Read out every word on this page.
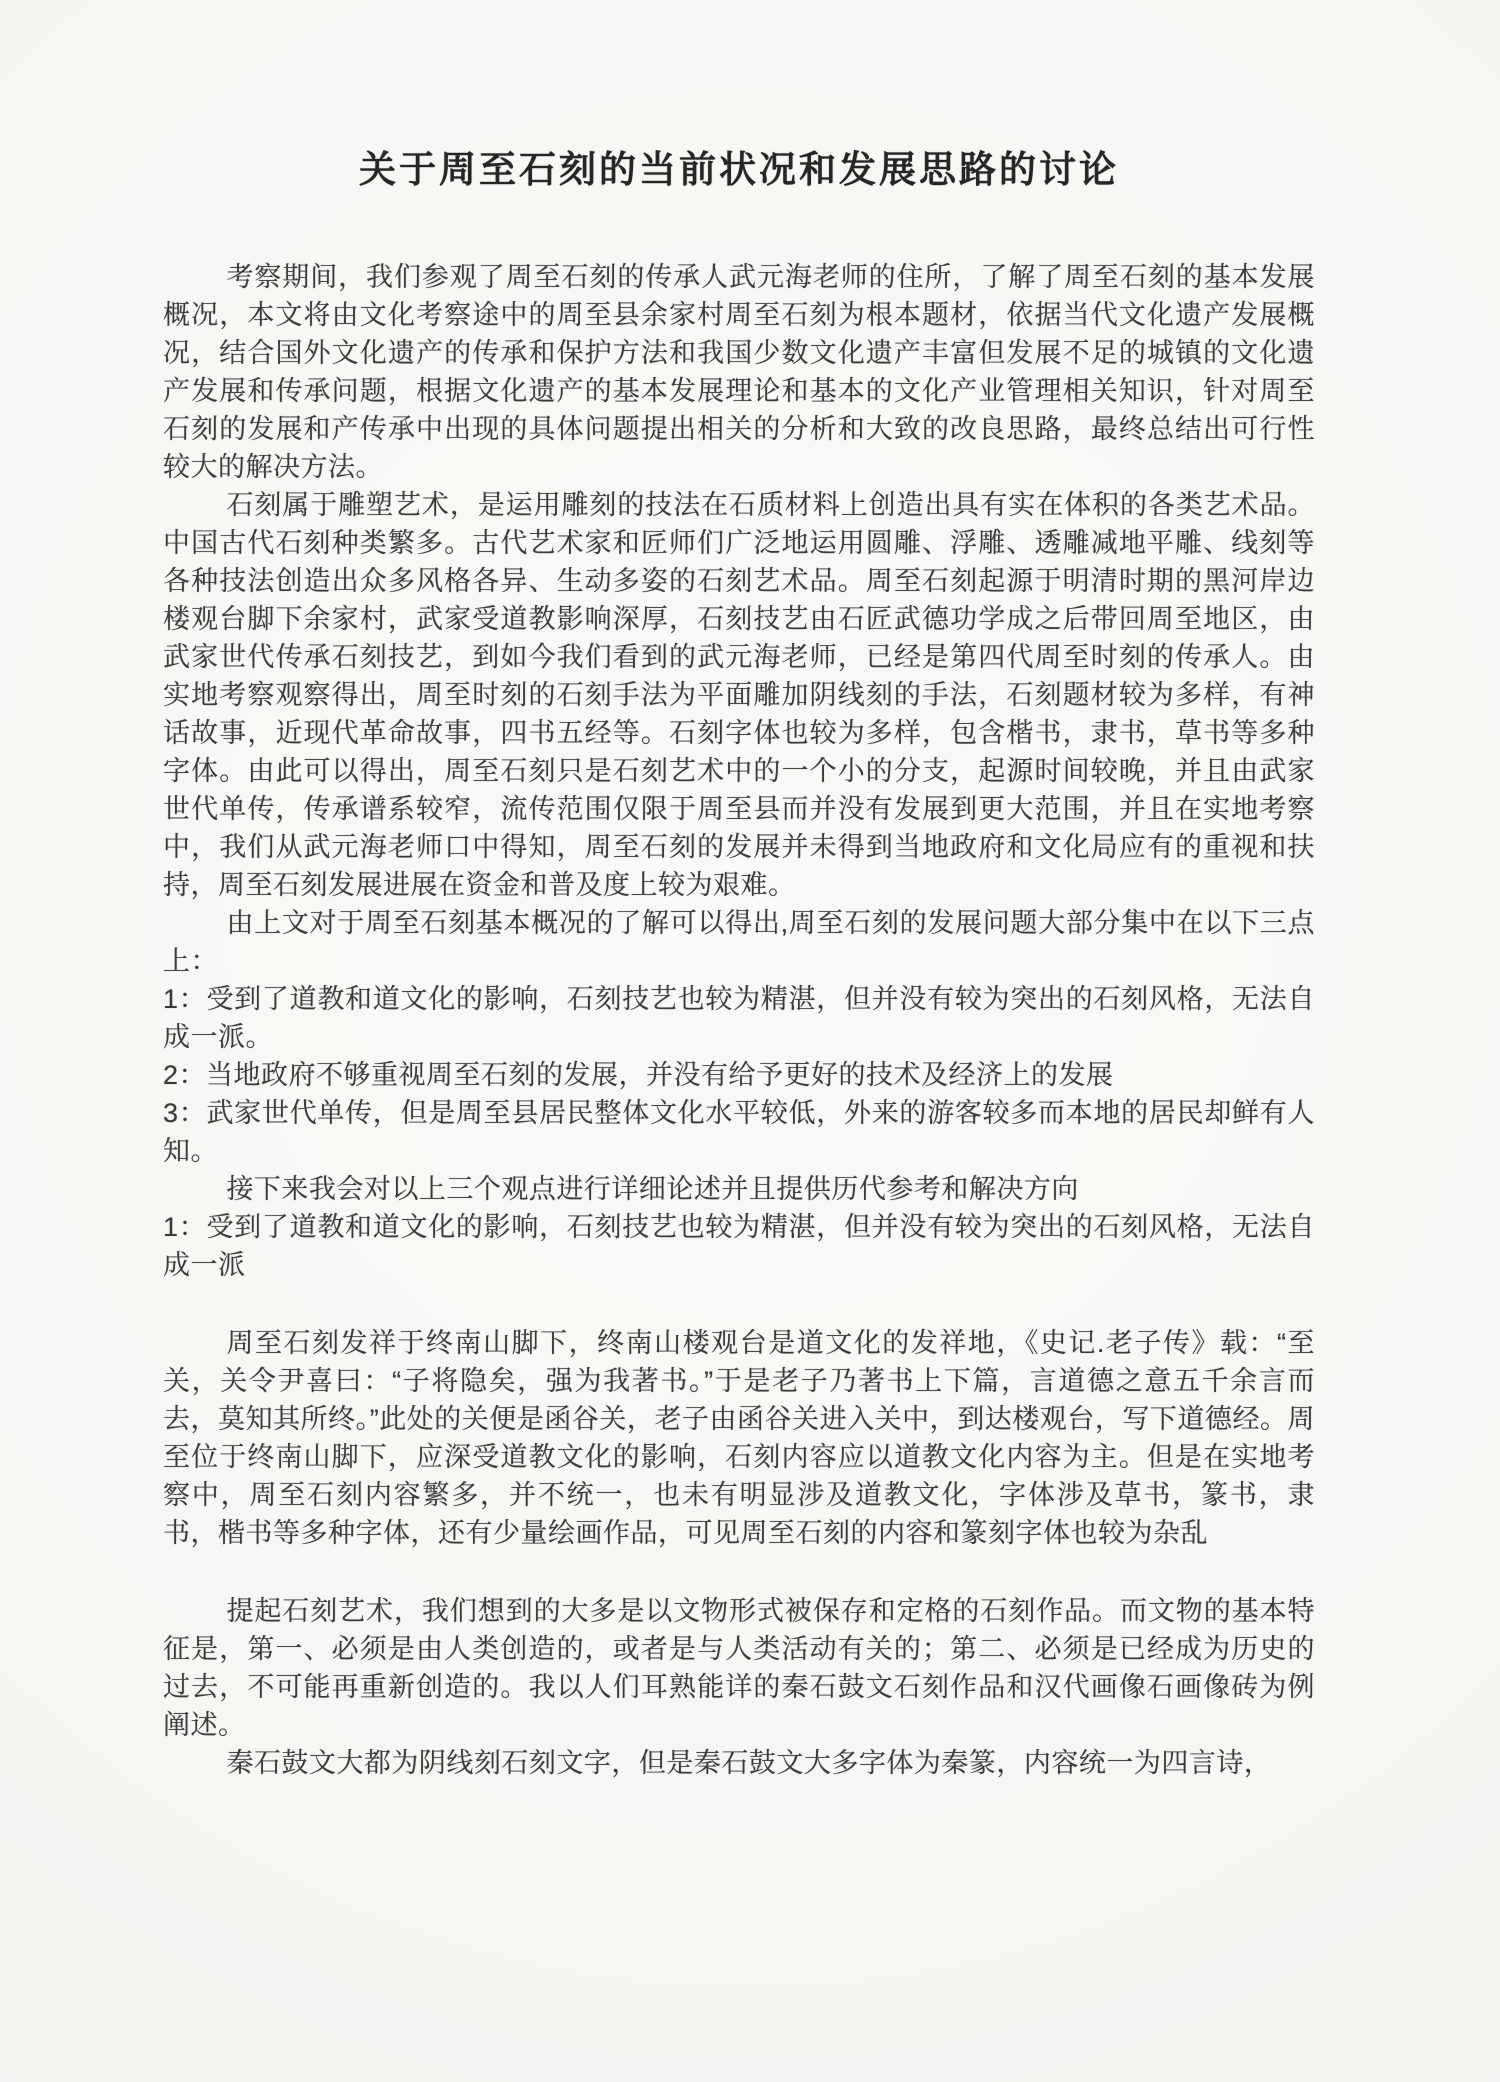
关于周至石刻的当前状况和发展思路的讨论

考察期间，我们参观了周至石刻的传承人武元海老师的住所，了解了周至石刻的基本发展概况，本文将由文化考察途中的周至县余家村周至石刻为根本题材，依据当代文化遗产发展概况，结合国外文化遗产的传承和保护方法和我国少数文化遗产丰富但发展不足的城镇的文化遗产发展和传承问题，根据文化遗产的基本发展理论和基本的文化产业管理相关知识，针对周至石刻的发展和产传承中出现的具体问题提出相关的分析和大致的改良思路，最终总结出可行性较大的解决方法。

石刻属于雕塑艺术，是运用雕刻的技法在石质材料上创造出具有实在体积的各类艺术品。中国古代石刻种类繁多。古代艺术家和匠师们广泛地运用圆雕、浮雕、透雕减地平雕、线刻等各种技法创造出众多风格各异、生动多姿的石刻艺术品。周至石刻起源于明清时期的黑河岸边楼观台脚下余家村，武家受道教影响深厚，石刻技艺由石匠武德功学成之后带回周至地区，由武家世代传承石刻技艺，到如今我们看到的武元海老师，已经是第四代周至时刻的传承人。由实地考察观察得出，周至时刻的石刻手法为平面雕加阴线刻的手法，石刻题材较为多样，有神话故事，近现代革命故事，四书五经等。石刻字体也较为多样，包含楷书，隶书，草书等多种字体。由此可以得出，周至石刻只是石刻艺术中的一个小的分支，起源时间较晚，并且由武家世代单传，传承谱系较窄，流传范围仅限于周至县而并没有发展到更大范围，并且在实地考察中，我们从武元海老师口中得知，周至石刻的发展并未得到当地政府和文化局应有的重视和扶持，周至石刻发展进展在资金和普及度上较为艰难。

由上文对于周至石刻基本概况的了解可以得出,周至石刻的发展问题大部分集中在以下三点上：

1：受到了道教和道文化的影响，石刻技艺也较为精湛，但并没有较为突出的石刻风格，无法自成一派。

2：当地政府不够重视周至石刻的发展，并没有给予更好的技术及经济上的发展

3：武家世代单传，但是周至县居民整体文化水平较低，外来的游客较多而本地的居民却鲜有人知。

接下来我会对以上三个观点进行详细论述并且提供历代参考和解决方向

1：受到了道教和道文化的影响，石刻技艺也较为精湛，但并没有较为突出的石刻风格，无法自成一派

周至石刻发祥于终南山脚下，终南山楼观台是道文化的发祥地，《史记.老子传》载：“至关，关令尹喜曰：“子将隐矣，强为我著书。”于是老子乃著书上下篇，言道德之意五千余言而去，莫知其所终。”此处的关便是函谷关，老子由函谷关进入关中，到达楼观台，写下道德经。周至位于终南山脚下，应深受道教文化的影响，石刻内容应以道教文化内容为主。但是在实地考察中，周至石刻内容繁多，并不统一，也未有明显涉及道教文化，字体涉及草书，篆书，隶书，楷书等多种字体，还有少量绘画作品，可见周至石刻的内容和篆刻字体也较为杂乱

提起石刻艺术，我们想到的大多是以文物形式被保存和定格的石刻作品。而文物的基本特征是，第一、必须是由人类创造的，或者是与人类活动有关的；第二、必须是已经成为历史的过去，不可能再重新创造的。我以人们耳熟能详的秦石鼓文石刻作品和汉代画像石画像砖为例阐述。

秦石鼓文大都为阴线刻石刻文字，但是秦石鼓文大多字体为秦篆，内容统一为四言诗，
